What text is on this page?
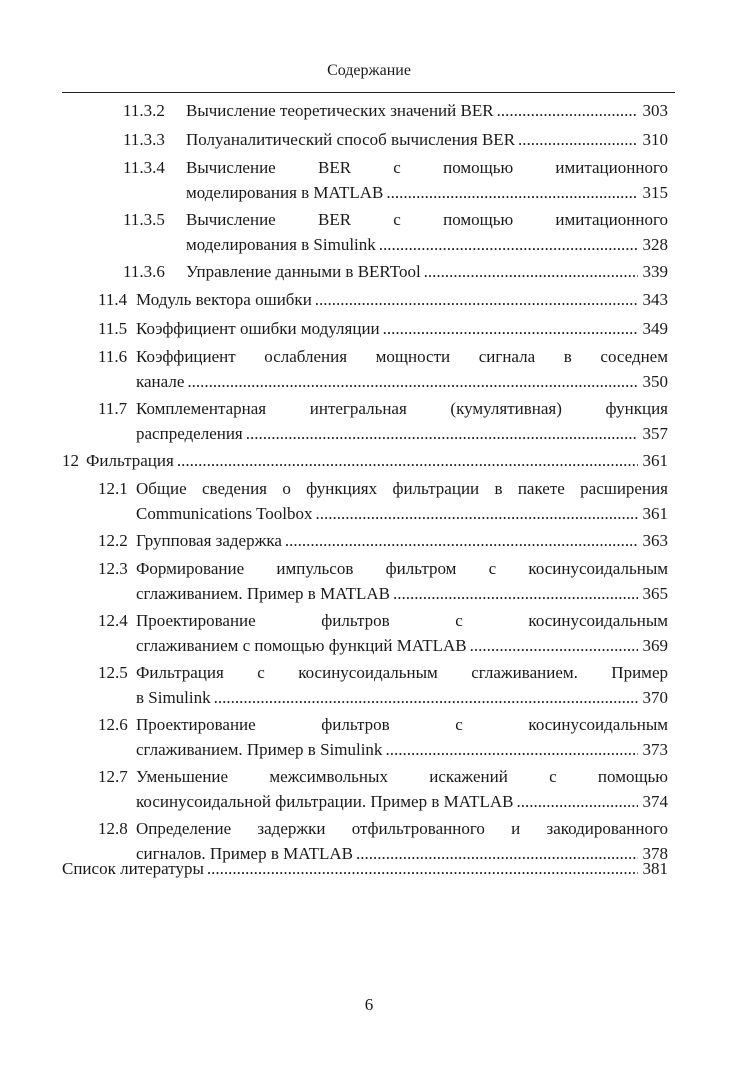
Содержание
11.3.2 Вычисление теоретических значений BER .....	303
11.3.3 Полуаналитический способ вычисления BER .....	310
11.3.4 Вычисление BER с помощью имитационного
моделирования в MATLAB .....	315
11.3.5 Вычисление BER с помощью имитационного
моделирования в Simulink .....	328
11.3.6 Управление данными в BERTool .....	339
11.4 Модуль вектора ошибки .....	343
11.5 Коэффициент ошибки модуляции .....	349
11.6 Коэффициент ослабления мощности сигнала в соседнем
канале .....	350
11.7 Комплементарная интегральная (кумулятивная) функция
распределения .....	357
12 Фильтрация .....	361
12.1 Общие сведения о функциях фильтрации в пакете расширения
Communications Toolbox .....	361
12.2 Групповая задержка .....	363
12.3 Формирование импульсов фильтром с косинусоидальным
сглаживанием. Пример в MATLAB .....	365
12.4 Проектирование фильтров с косинусоидальным
сглаживанием с помощью функций MATLAB .....	369
12.5 Фильтрация с косинусоидальным сглаживанием. Пример
в Simulink .....	370
12.6 Проектирование фильтров с косинусоидальным
сглаживанием. Пример в Simulink .....	373
12.7 Уменьшение межсимвольных искажений с помощью
косинусоидальной фильтрации. Пример в MATLAB .....	374
12.8 Определение задержки отфильтрованного и закодированного
сигналов. Пример в MATLAB .....	378
Список литературы .....	381
6
